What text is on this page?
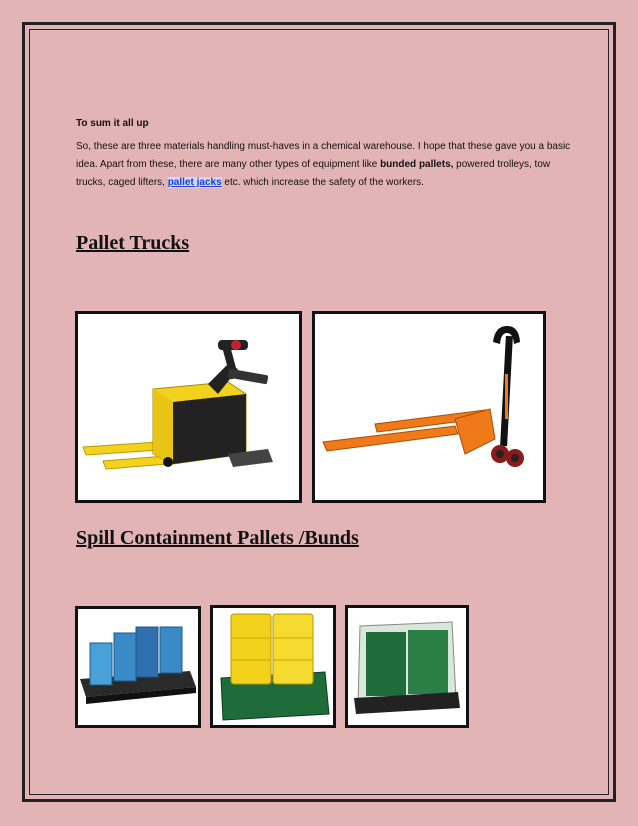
To sum it all up
So, these are three materials handling must-haves in a chemical warehouse. I hope that these gave you a basic idea. Apart from these, there are many other types of equipment like bunded pallets, powered trolleys, tow trucks, caged lifters, pallet jacks etc. which increase the safety of the workers.
Pallet Trucks
Spill Containment Pallets /Bunds
